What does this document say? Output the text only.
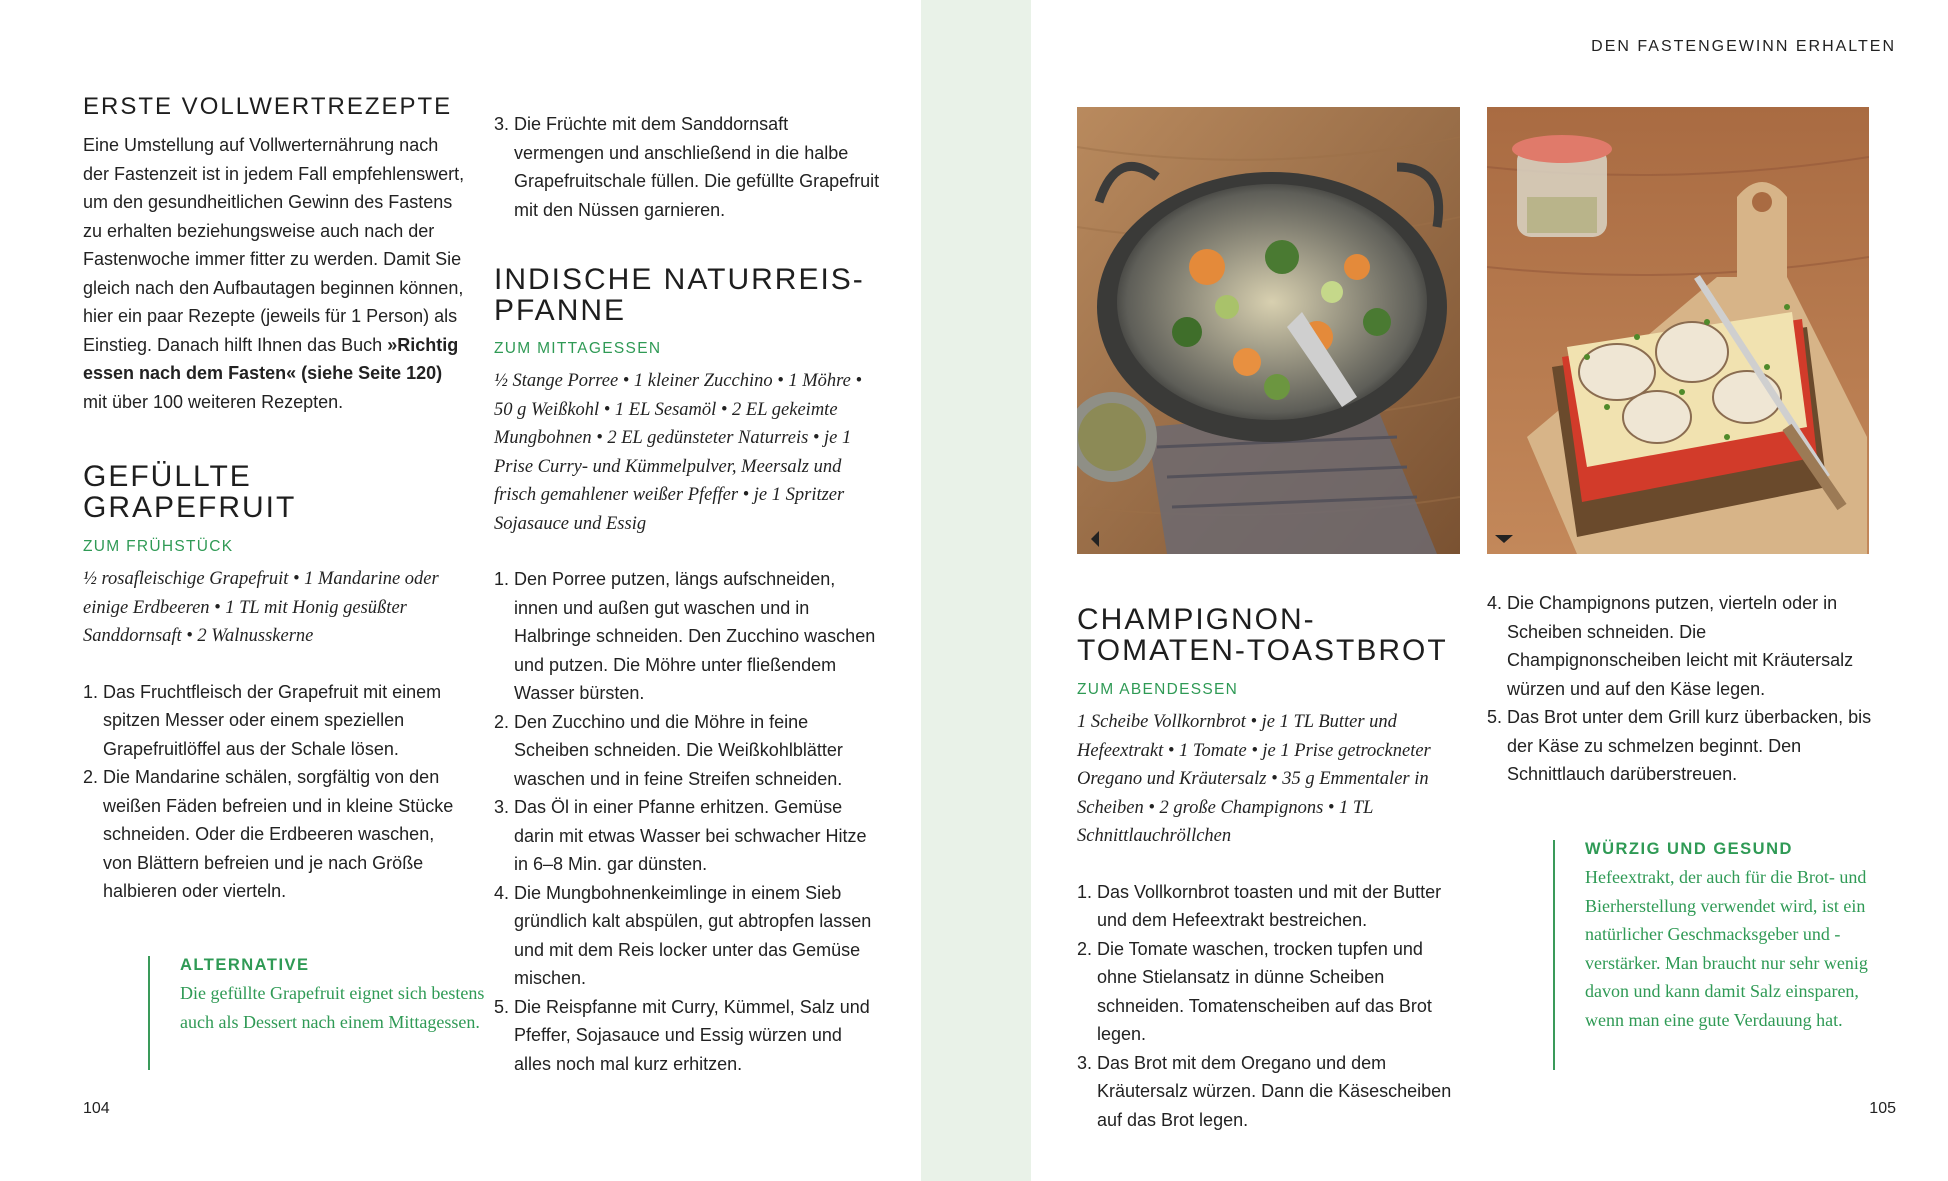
ERSTE VOLLWERTREZEPTE
Eine Umstellung auf Vollwerternährung nach der Fastenzeit ist in jedem Fall empfehlenswert, um den gesundheitlichen Gewinn des Fastens zu erhalten beziehungsweise auch nach der Fastenwoche immer fitter zu werden. Damit Sie gleich nach den Aufbautagen beginnen können, hier ein paar Rezepte (jeweils für 1 Person) als Einstieg. Danach hilft Ihnen das Buch »Richtig essen nach dem Fasten« (siehe Seite 120) mit über 100 weiteren Rezepten.
GEFÜLLTE GRAPEFRUIT
ZUM FRÜHSTÜCK
½ rosafleischige Grapefruit • 1 Mandarine oder einige Erdbeeren • 1 TL mit Honig gesüßter Sanddornsaft • 2 Walnusskerne
1. Das Fruchtfleisch der Grapefruit mit einem spitzen Messer oder einem speziellen Grapefruitlöffel aus der Schale lösen.
2. Die Mandarine schälen, sorgfältig von den weißen Fäden befreien und in kleine Stücke schneiden. Oder die Erdbeeren waschen, von Blättern befreien und je nach Größe halbieren oder vierteln.
ALTERNATIVE
Die gefüllte Grapefruit eignet sich bestens auch als Dessert nach einem Mittagessen.
3. Die Früchte mit dem Sanddornsaft vermengen und anschließend in die halbe Grapefruitschale füllen. Die gefüllte Grapefruit mit den Nüssen garnieren.
INDISCHE NATURREIS-PFANNE
ZUM MITTAGESSEN
½ Stange Porree • 1 kleiner Zucchino • 1 Möhre • 50 g Weißkohl • 1 EL Sesamöl • 2 EL gekeimte Mungbohnen • 2 EL gedünsteter Naturreis • je 1 Prise Curry- und Kümmelpulver, Meersalz und frisch gemahlener weißer Pfeffer • je 1 Spritzer Sojasauce und Essig
1. Den Porree putzen, längs aufschneiden, innen und außen gut waschen und in Halbringe schneiden. Den Zucchino waschen und putzen. Die Möhre unter fließendem Wasser bürsten.
2. Den Zucchino und die Möhre in feine Scheiben schneiden. Die Weißkohlblätter waschen und in feine Streifen schneiden.
3. Das Öl in einer Pfanne erhitzen. Gemüse darin mit etwas Wasser bei schwacher Hitze in 6–8 Min. gar dünsten.
4. Die Mungbohnenkeimlinge in einem Sieb gründlich kalt abspülen, gut abtropfen lassen und mit dem Reis locker unter das Gemüse mischen.
5. Die Reispfanne mit Curry, Kümmel, Salz und Pfeffer, Sojasauce und Essig würzen und alles noch mal kurz erhitzen.
104
DEN FASTENGEWINN ERHALTEN
CHAMPIGNON-TOMATEN-TOASTBROT
ZUM ABENDESSEN
1 Scheibe Vollkornbrot • je 1 TL Butter und Hefeextrakt • 1 Tomate • je 1 Prise getrockneter Oregano und Kräutersalz • 35 g Emmentaler in Scheiben • 2 große Champignons • 1 TL Schnittlauchröllchen
1. Das Vollkornbrot toasten und mit der Butter und dem Hefeextrakt bestreichen.
2. Die Tomate waschen, trocken tupfen und ohne Stielansatz in dünne Scheiben schneiden. Tomatenscheiben auf das Brot legen.
3. Das Brot mit dem Oregano und dem Kräutersalz würzen. Dann die Käsescheiben auf das Brot legen.
4. Die Champignons putzen, vierteln oder in Scheiben schneiden. Die Champignonscheiben leicht mit Kräutersalz würzen und auf den Käse legen.
5. Das Brot unter dem Grill kurz überbacken, bis der Käse zu schmelzen beginnt. Den Schnittlauch darüberstreuen.
WÜRZIG UND GESUND
Hefeextrakt, der auch für die Brot- und Bierherstellung verwendet wird, ist ein natürlicher Geschmacksgeber und -verstärker. Man braucht nur sehr wenig davon und kann damit Salz einsparen, wenn man eine gute Verdauung hat.
105
